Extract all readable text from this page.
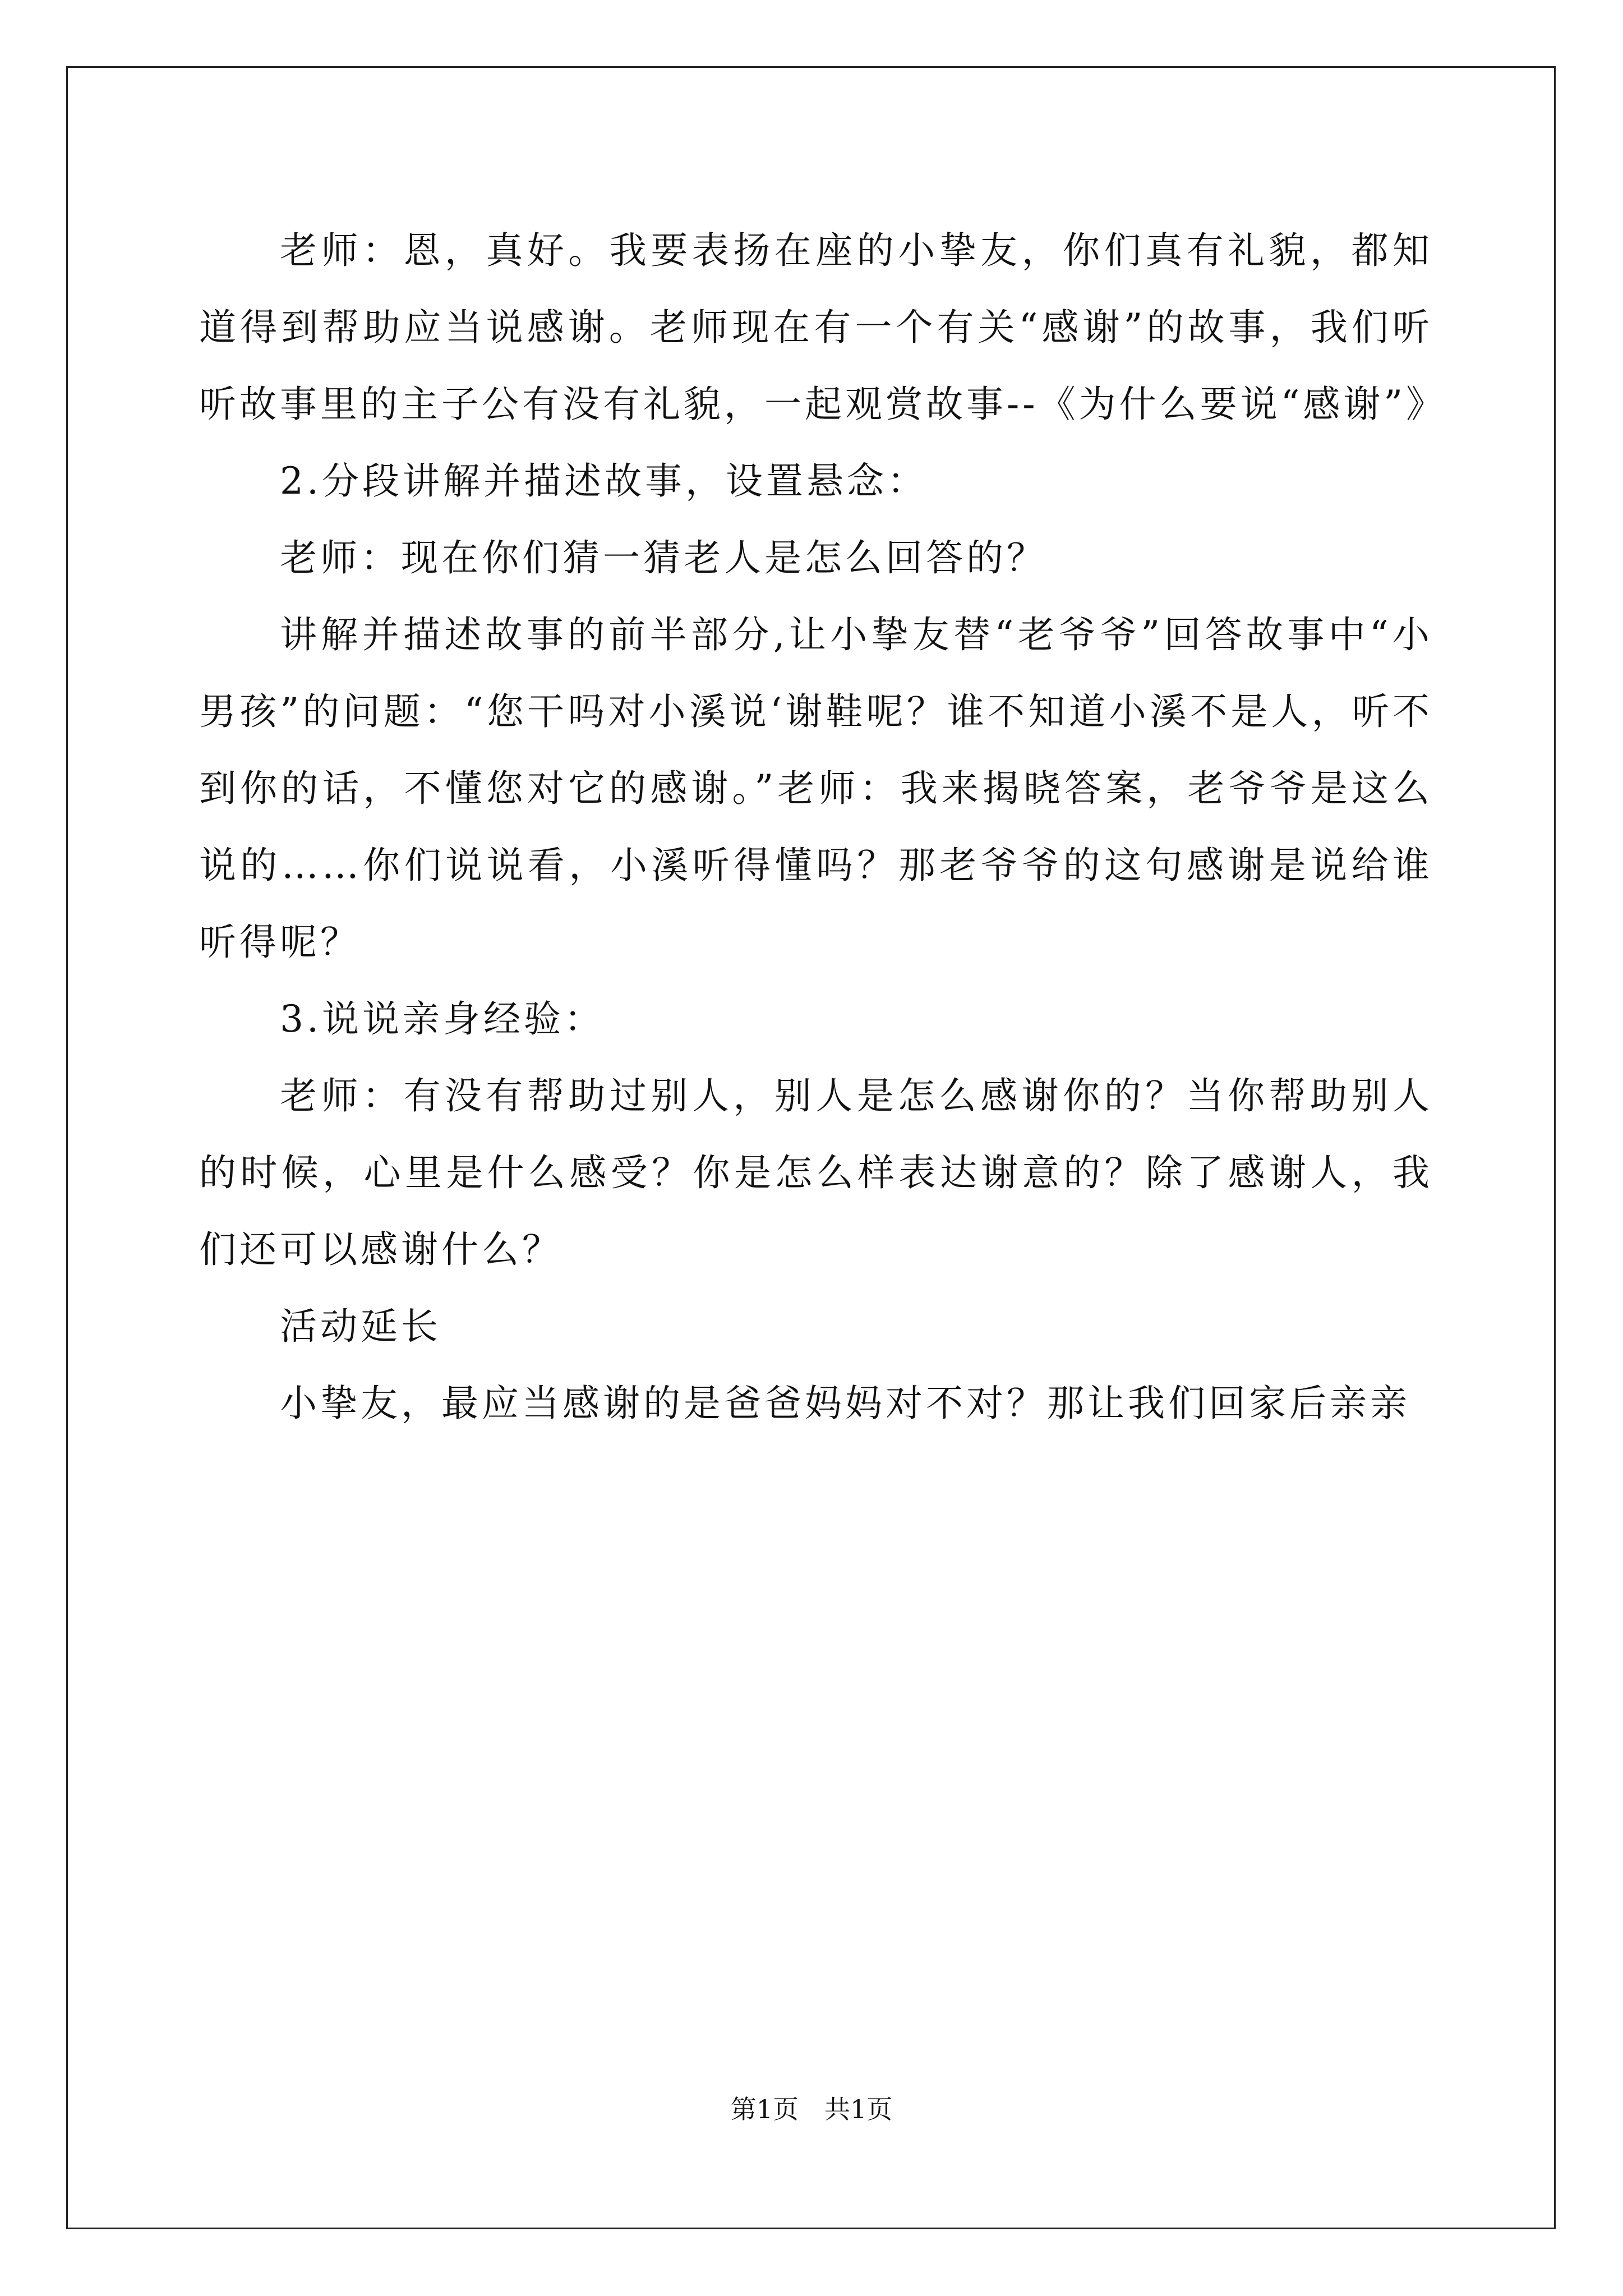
老师：恩，真好。我要表扬在座的小挚友，你们真有礼貌，都知道得到帮助应当说感谢。老师现在有一个有关“感谢”的故事，我们听听故事里的主子公有没有礼貌，一起观赏故事--《为什么要说“感谢”》

2.分段讲解并描述故事，设置悬念：

老师：现在你们猜一猜老人是怎么回答的？

讲解并描述故事的前半部分,让小挚友替“老爷爷”回答故事中“小男孩”的问题：“您干吗对小溪说‘谢鞋呢？谁不知道小溪不是人，听不到你的话，不懂您对它的感谢。”老师：我来揭晓答案，老爷爷是这么说的……你们说说看，小溪听得懂吗？那老爷爷的这句感谢是说给谁听得呢？

3.说说亲身经验：

老师：有没有帮助过别人，别人是怎么感谢你的？当你帮助别人的时候，心里是什么感受？你是怎么样表达谢意的？除了感谢人，我们还可以感谢什么？

活动延长

小挚友，最应当感谢的是爸爸妈妈对不对？那让我们回家后亲亲

第1页　共1页
